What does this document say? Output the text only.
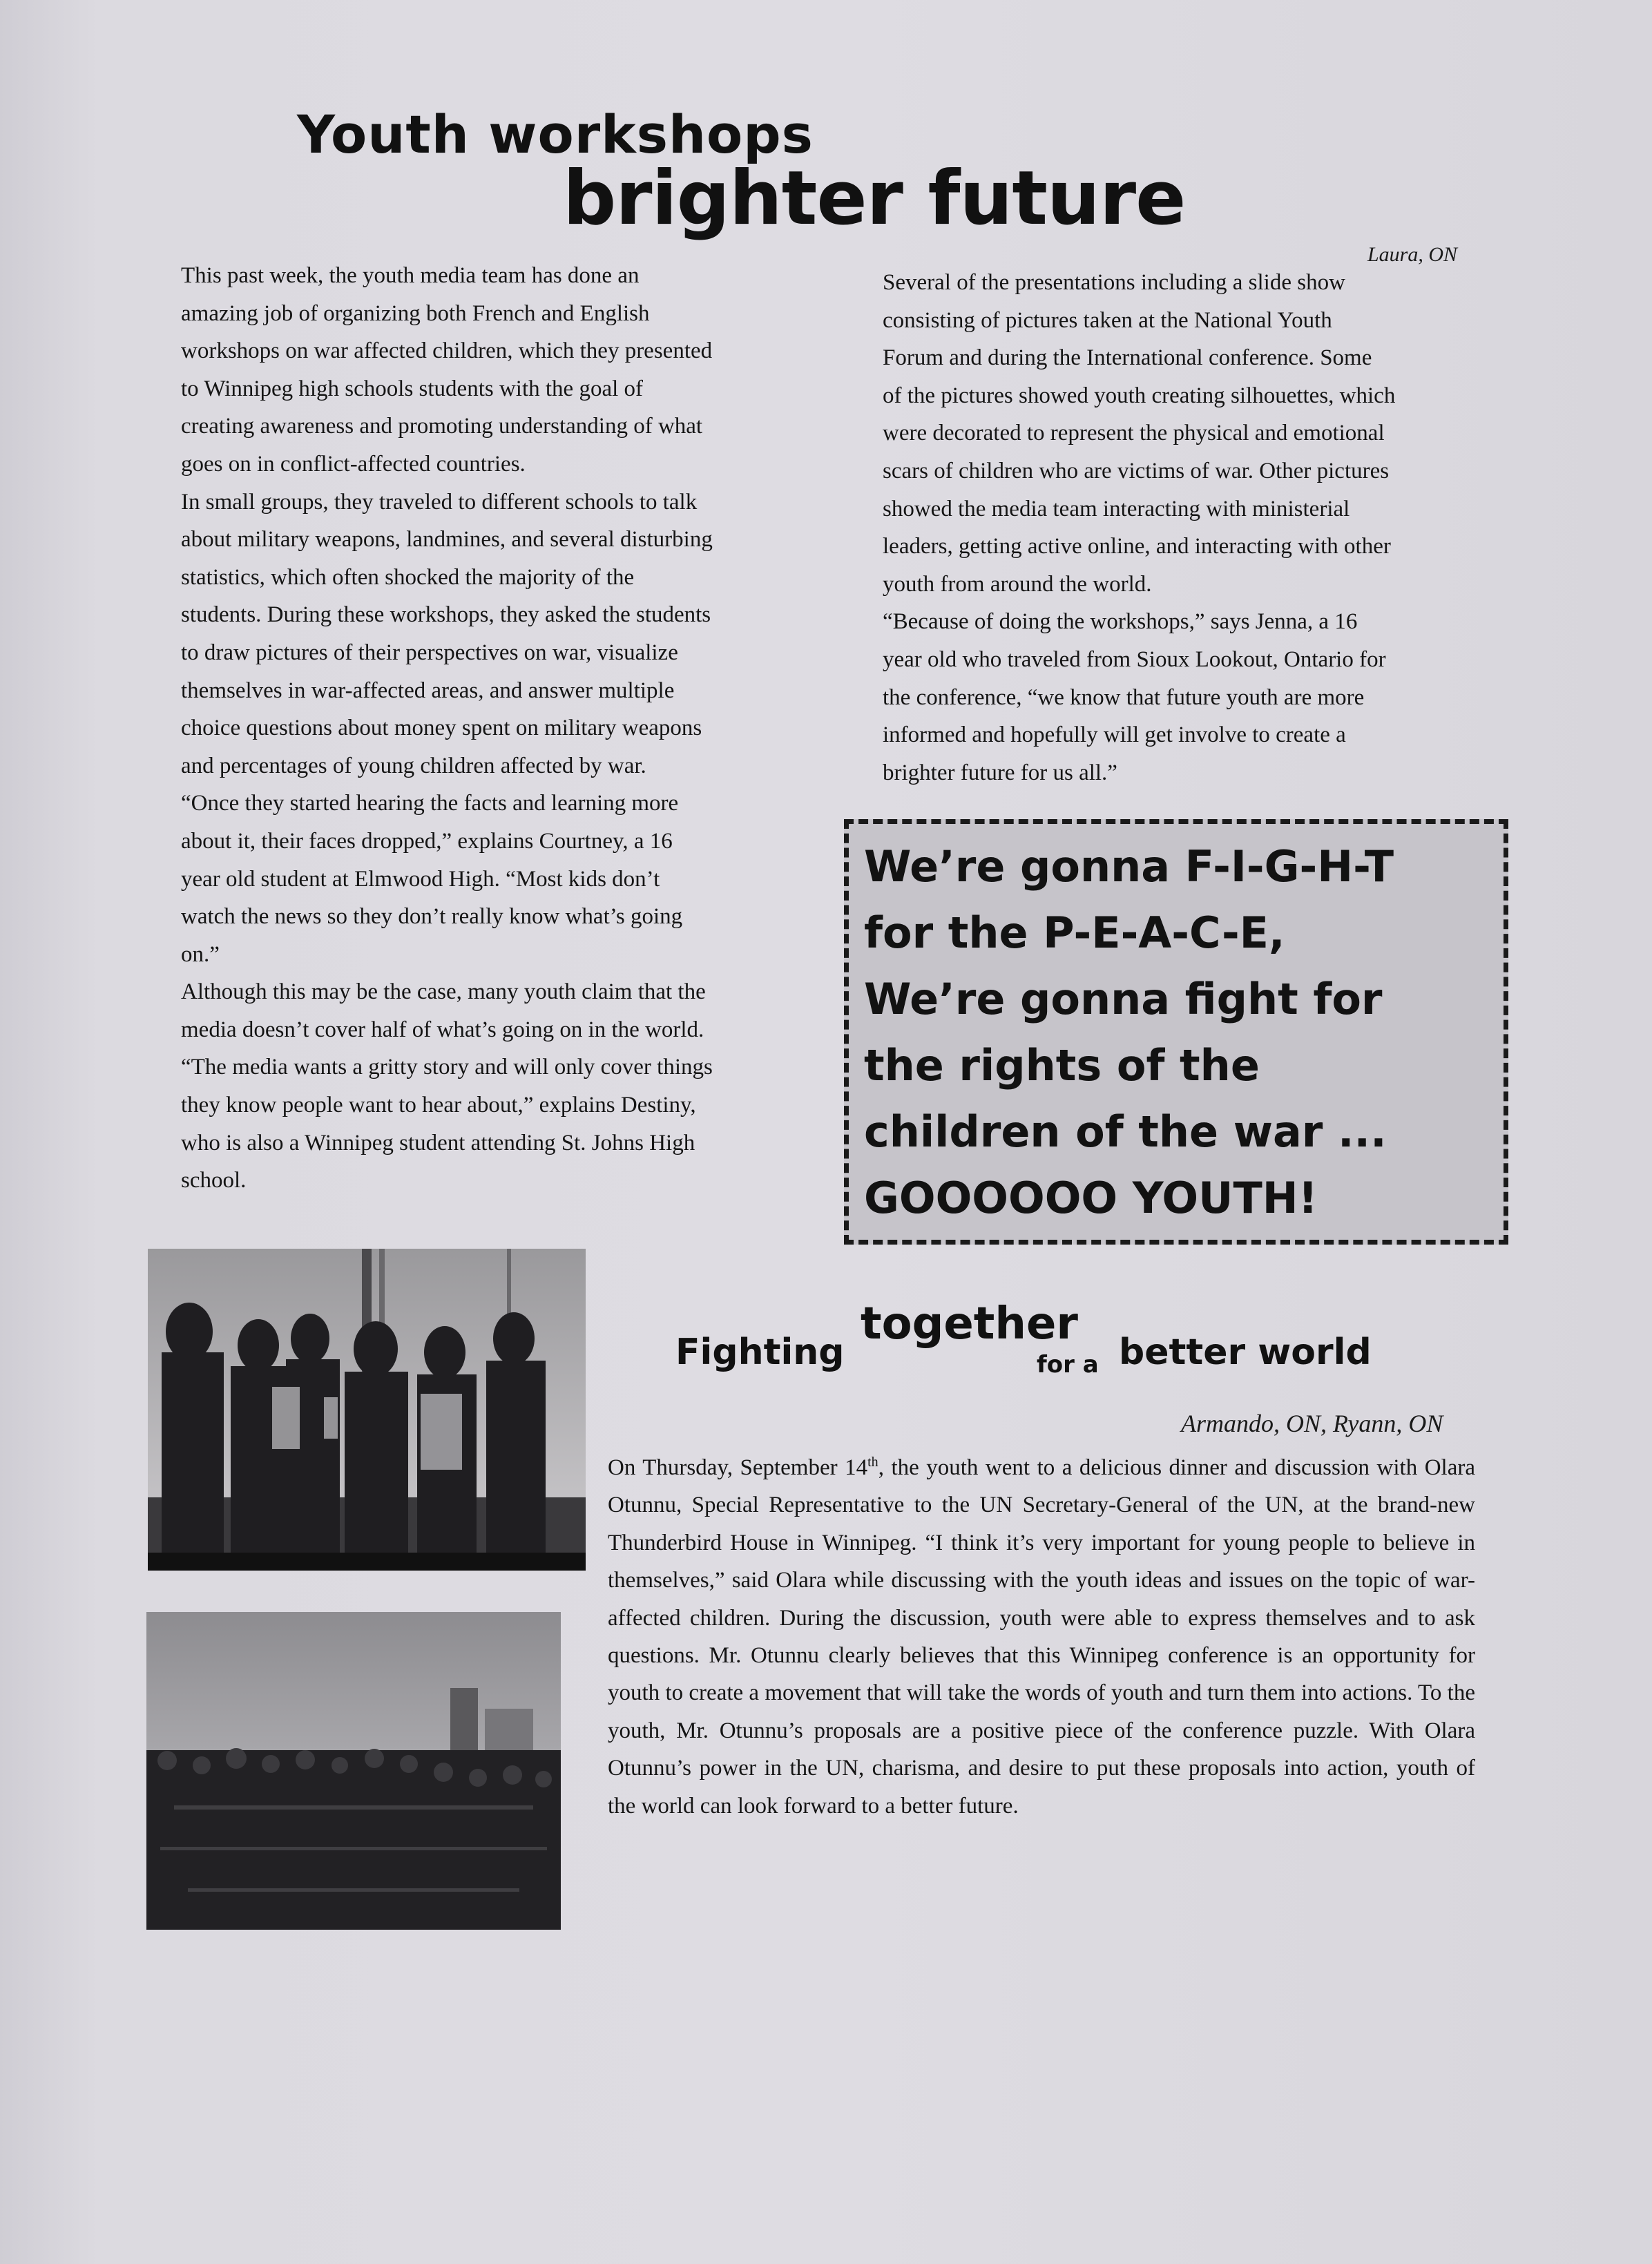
Youth workshops
brighter future
Laura, ON

This past week, the youth media team has done an

amazing job of organizing both French and English

workshops on war affected children, which they presented

to Winnipeg high schools students with the goal of

creating awareness and promoting understanding of what

goes on in conflict-affected countries.

In small groups, they traveled to different schools to talk

about military weapons, landmines, and several disturbing

statistics, which often shocked the majority of the

students. During these workshops, they asked the students

to draw pictures of their perspectives on war, visualize

themselves in war-affected areas, and answer multiple

choice questions about money spent on military weapons

and percentages of young children affected by war.

“Once they started hearing the facts and learning more

about it, their faces dropped,” explains Courtney, a 16

year old student at Elmwood High. “Most kids don’t

watch the news so they don’t really know what’s going

on.”

Although this may be the case, many youth claim that the

media doesn’t cover half of what’s going on in the world.

“The media wants a gritty story and will only cover things

they know people want to hear about,” explains Destiny,

who is also a Winnipeg student attending St. Johns High

school.

Several of the presentations including a slide show

consisting of pictures taken at the National Youth

Forum and during the International conference. Some

of the pictures showed youth creating silhouettes, which

were decorated to represent the physical and emotional

scars of children who are victims of war. Other pictures

showed the media team interacting with ministerial

leaders, getting active online, and interacting with other

youth from around the world.

“Because of doing the workshops,” says Jenna, a 16

year old who traveled from Sioux Lookout, Ontario for

the conference, “we know that future youth are more

informed and hopefully will get involve to create a

brighter future for us all.”

We’re gonna F-I-G-H-T
for the P-E-A-C-E,
We’re gonna fight for
the rights of the
children of the war ...
GOOOOOO YOUTH!
Fighting
together
for a better world
Armando, ON, Ryann, ON

On Thursday, September 14th, the youth went to a delicious dinner and discussion with Olara Otunnu, Special Representative to the UN Secretary-General of the UN, at the brand-new Thunderbird House in Winnipeg. “I think it’s very important for young people to believe in themselves,” said Olara while discussing with the youth ideas and issues on the topic of war-affected children. During the discussion, youth were able to express themselves and to ask questions. Mr. Otunnu clearly believes that this Winnipeg conference is an opportunity for youth to create a movement that will take the words of youth and turn them into actions. To the youth, Mr. Otunnu’s proposals are a positive piece of the conference puzzle. With Olara Otunnu’s power in the UN, charisma, and desire to put these proposals into action, youth of the world can look forward to a better future.
